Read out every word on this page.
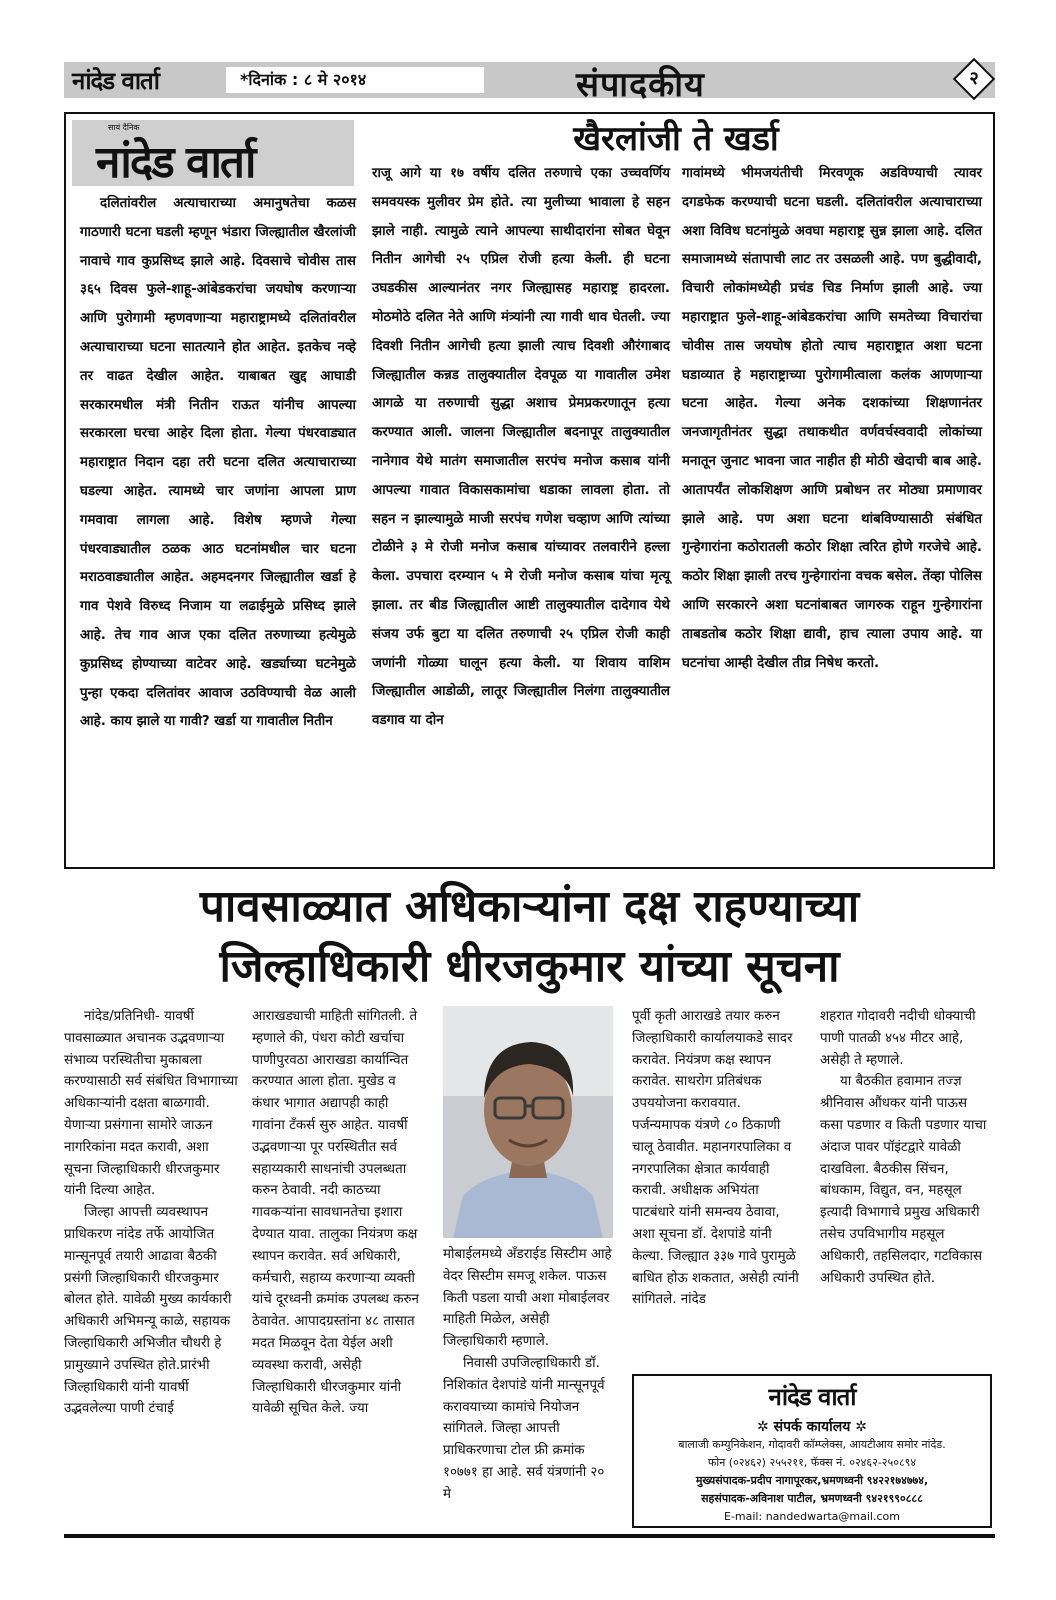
नांदेड वार्ता	*दिनांक : ८ मे २०१४	संपादकीय	२
सायं दैनिक
नांदेड वार्ता	खैरलांजी ते खर्डा
दलितांवरील अत्याचाराच्या अमानुषतेचा कळस गाठणारी घटना घडली म्हणून भंडारा जिल्ह्यातील खैरलांजी नावाचे गाव कुप्रसिध्द झाले आहे. दिवसाचे चोवीस तास ३६५ दिवस फुले-शाहू-आंबेडकरांचा जयघोष करणाऱ्या आणि पुरोगामी म्हणवणाऱ्या महाराष्ट्रामध्ये दलितांवरील अत्याचाराच्या घटना सातत्याने होत आहेत. इतकेच नव्हे तर वाढत देखील आहेत. याबाबत खुद्द आघाडी सरकारमधील मंत्री नितीन राऊत यांनीच आपल्या सरकारला घरचा आहेर दिला होता. गेल्या पंधरवाड्यात महाराष्ट्रात निदान दहा तरी घटना दलित अत्याचाराच्या घडल्या आहेत. त्यामध्ये चार जणांना आपला प्राण गमवावा लागला आहे. विशेष म्हणजे गेल्या पंधरवाड्यातील ठळक आठ घटनांमधील चार घटना मराठवाड्यातील आहेत. अहमदनगर जिल्ह्यातील खर्डा हे गाव पेशवे विरुध्द निजाम या लढाईमुळे प्रसिध्द झाले आहे. तेच गाव आज एका दलित तरुणाच्या हत्येमुळे कुप्रसिध्द होण्याच्या वाटेवर आहे. खर्ड्याच्या घटनेमुळे पुन्हा एकदा दलितांवर आवाज उठविण्याची वेळ आली आहे. काय झाले या गावी? खर्डा या गावातील नितीन
राजू आगे या १७ वर्षीय दलित तरुणाचे एका उच्चवर्णिय समवयस्क मुलीवर प्रेम होते. त्या मुलीच्या भावाला हे सहन झाले नाही. त्यामुळे त्याने आपल्या साथीदारांना सोबत घेवून नितीन आगेची २५ एप्रिल रोजी हत्या केली. ही घटना उघडकीस आल्यानंतर नगर जिल्ह्यासह महाराष्ट्र हादरला. मोठमोठे दलित नेते आणि मंत्र्यांनी त्या गावी धाव घेतली. ज्या दिवशी नितीन आगेची हत्या झाली त्याच दिवशी औरंगाबाद जिल्ह्यातील कन्नड तालुक्यातील देवपूळ या गावातील उमेश आगळे या तरुणाची सुद्धा अशाच प्रेमप्रकरणातून हत्या करण्यात आली. जालना जिल्ह्यातील बदनापूर तालुक्यातील नानेगाव येथे मातंग समाजातील सरपंच मनोज कसाब यांनी आपल्या गावात विकासकामांचा धडाका लावला होता. तो सहन न झाल्यामुळे माजी सरपंच गणेश चव्हाण आणि त्यांच्या टोळीने ३ मे रोजी मनोज कसाब यांच्यावर तलवारीने हल्ला केला. उपचारा दरम्यान ५ मे रोजी मनोज कसाब यांचा मृत्यू झाला. तर बीड जिल्ह्यातील आष्टी तालुक्यातील दादेगाव येथे संजय उर्फ बुटा या दलित तरुणाची २५ एप्रिल रोजी काही जणांनी गोळ्या घालून हत्या केली. या शिवाय वाशिम जिल्ह्यातील आडोळी, लातूर जिल्ह्यातील निलंगा तालुक्यातील वडगाव या दोन
गावांमध्ये भीमजयंतीची मिरवणूक अडविण्याची त्यावर दगडफेक करण्याची घटना घडली. दलितांवरील अत्याचाराच्या अशा विविध घटनांमुळे अवघा महाराष्ट्र सुन्न झाला आहे. दलित समाजामध्ये संतापाची लाट तर उसळली आहे. पण बुद्धीवादी, विचारी लोकांमध्येही प्रचंड चिड निर्माण झाली आहे. ज्या महाराष्ट्रात फुले-शाहू-आंबेडकरांचा आणि समतेच्या विचारांचा चोवीस तास जयघोष होतो त्याच महाराष्ट्रात अशा घटना घडाव्यात हे महाराष्ट्राच्या पुरोगामीत्वाला कलंक आणणाऱ्या घटना आहेत. गेल्या अनेक दशकांच्या शिक्षणानंतर जनजागृतीनंतर सुद्धा तथाकथीत वर्णवर्चस्ववादी लोकांच्या मनातून जुनाट भावना जात नाहीत ही मोठी खेदाची बाब आहे. आतापर्यंत लोकशिक्षण आणि प्रबोधन तर मोठ्या प्रमाणावर झाले आहे. पण अशा घटना थांबविण्यासाठी संबंधित गुन्हेगारांना कठोरातली कठोर शिक्षा त्वरित होणे गरजेचे आहे. कठोर शिक्षा झाली तरच गुन्हेगारांना वचक बसेल. तेंव्हा पोलिस आणि सरकारने अशा घटनांबाबत जागरुक राहून गुन्हेगारांना ताबडतोब कठोर शिक्षा द्यावी, हाच त्याला उपाय आहे. या घटनांचा आम्ही देखील तीव्र निषेध करतो.
पावसाळ्यात अधिकाऱ्यांना दक्ष राहण्याच्या
जिल्हाधिकारी धीरजकुमार यांच्या सूचना

नांदेड/प्रतिनिधी- यावर्षी पावसाळ्यात अचानक उद्भवणाऱ्या संभाव्य परस्थितीचा मुकाबला करण्यासाठी सर्व संबंधित विभागाच्या अधिकाऱ्यांनी दक्षता बाळगावी. येणाऱ्या प्रसंगाना सामोरे जाऊन नागरिकांना मदत करावी, अशा सूचना जिल्हाधिकारी धीरजकुमार यांनी दिल्या आहेत.

जिल्हा आपत्ती व्यवस्थापन प्राधिकरण नांदेड तर्फे आयोजित मान्सूनपूर्व तयारी आढावा बैठकी प्रसंगी जिल्हाधिकारी धीरजकुमार बोलत होते. यावेळी मुख्य कार्यकारी अधिकारी अभिमन्यू काळे, सहायक जिल्हाधिकारी अभिजीत चौधरी हे प्रामुख्याने उपस्थित होते.प्रारंभी जिल्हाधिकारी यांनी यावर्षी उद्भवलेल्या पाणी टंचाई

आराखड्याची माहिती सांगितली. ते म्हणाले की, पंधरा कोटी खर्चाचा पाणीपुरवठा आराखडा कार्यान्वित करण्यात आला होता. मुखेड व कंधार भागात अद्यापही काही गावांना टँकर्स सुरु आहेत. यावर्षी उद्भवणाऱ्या पूर परस्थितीत सर्व सहाय्यकारी साधनांची उपलब्धता करुन ठेवावी. नदी काठच्या गावकऱ्यांना सावधानतेचा इशारा देण्यात यावा. तालुका नियंत्रण कक्ष स्थापन करावेत. सर्व अधिकारी, कर्मचारी, सहाय्य करणाऱ्या व्यक्ती यांचे दूरध्वनी क्रमांक उपलब्ध करुन ठेवावेत. आपादग्रस्तांना ४८ तासात मदत मिळवून देता येईल अशी व्यवस्था करावी, असेही जिल्हाधिकारी धीरजकुमार यांनी यावेळी सूचित केले. ज्या

मोबाईलमध्ये अँडराईड सिस्टीम आहे वेदर सिस्टीम समजू शकेल. पाऊस किती पडला याची अशा मोबाईलवर माहिती मिळेल, असेही जिल्हाधिकारी म्हणाले.

निवासी उपजिल्हाधिकारी डॉ. निशिकांत देशपांडे यांनी मान्सूनपूर्व करावयाच्या कामांचे नियोजन सांगितले. जिल्हा आपत्ती प्राधिकरणाचा टोल फ्री क्रमांक १०७७१ हा आहे. सर्व यंत्रणांनी २० मे

पूर्वी कृती आराखडे तयार करुन जिल्हाधिकारी कार्यालयाकडे सादर करावेत. नियंत्रण कक्ष स्थापन करावेत. साथरोग प्रतिबंधक उपययोजना करावयात. पर्जन्यमापक यंत्रणे ८० ठिकाणी चालू ठेवावीत. महानगरपालिका व नगरपालिका क्षेत्रात कार्यवाही करावी. अधीक्षक अभियंता पाटबंधारे यांनी समन्वय ठेवावा, अशा सूचना डॉ. देशपांडे यांनी केल्या. जिल्ह्यात ३३७ गावे पुरामुळे बाधित होऊ शकतात, असेही त्यांनी सांगितले. नांदेड

शहरात गोदावरी नदीची धोक्याची पाणी पातळी ४५४ मीटर आहे, असेही ते म्हणाले.

या बैठकीत हवामान तज्ज्ञ श्रीनिवास औंधकर यांनी पाऊस कसा पडणार व किती पडणार याचा अंदाज पावर पॉइंटद्वारे यावेळी दाखविला. बैठकीस सिंचन, बांधकाम, विद्युत, वन, महसूल इत्यादी विभागाचे प्रमुख अधिकारी तसेच उपविभागीय महसूल अधिकारी, तहसिलदार, गटविकास अधिकारी उपस्थित होते.

नांदेड वार्ता
✲ संपर्क कार्यालय ✲
बालाजी कम्युनिकेशन, गोदावरी कॉम्प्लेक्स, आयटीआय समोर नांदेड.
फोन (०२४६२) २५५२११, फॅक्स नं. ०२४६२-२५०८९४
मुख्यसंपादक-प्रदीप नागापूरकर,भ्रमणध्वनी ९४२२१७४७७४,
सहसंपादक-अविनाश पाटील, भ्रमणध्वनी ९४२१९९०८८८
E-mail: nandedwarta@mail.com
